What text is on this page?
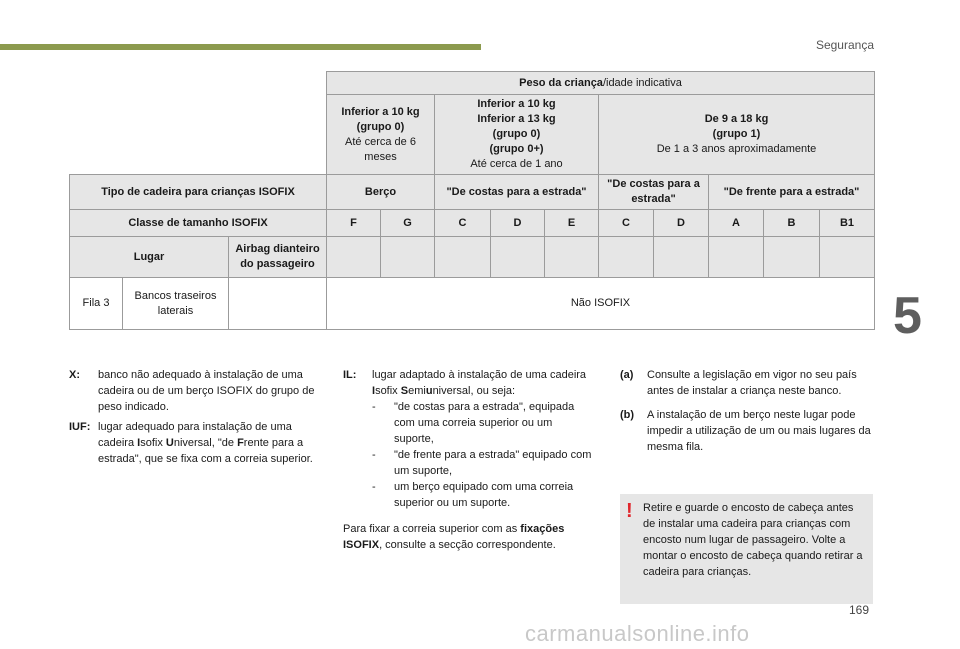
Segurança
5
			Peso da criança/idade indicativa									
			Inferior a 10 kg
(grupo 0)
Até cerca de 6 meses		Inferior a 10 kg
Inferior a 13 kg
(grupo 0)
(grupo 0+)
Até cerca de 1 ano			De 9 a 18 kg
(grupo 1)
De 1 a 3 anos aproximadamente				
Tipo de cadeira para crianças ISOFIX			Berço		"De costas para a estrada"			"De costas para a estrada"		"De frente para a estrada"		
Classe de tamanho ISOFIX			F	G	C	D	E	C	D	A	B	B1
Lugar		Airbag dianteiro do passageiro										
Fila 3	Bancos traseiros laterais		Não ISOFIX									
X:	banco não adequado à instalação de uma cadeira ou de um berço ISOFIX do grupo de peso indicado.
IUF: lugar adequado para instalação de uma cadeira Isofix Universal, "de Frente para a estrada", que se fixa com a correia superior.
IL:	lugar adaptado à instalação de uma cadeira Isofix Semiuniversal, ou seja:
-	"de costas para a estrada", equipada com uma correia superior ou um suporte,
-	"de frente para a estrada" equipado com um suporte,
-	um berço equipado com uma correia superior ou um suporte.
Para fixar a correia superior com as fixações ISOFIX, consulte a secção correspondente.
(a)	Consulte a legislação em vigor no seu país antes de instalar a criança neste banco.
(b)	A instalação de um berço neste lugar pode impedir a utilização de um ou mais lugares da mesma fila.
! Retire e guarde o encosto de cabeça antes de instalar uma cadeira para crianças com encosto num lugar de passageiro. Volte a montar o encosto de cabeça quando retirar a cadeira para crianças.
169
carmanualsonline.info
